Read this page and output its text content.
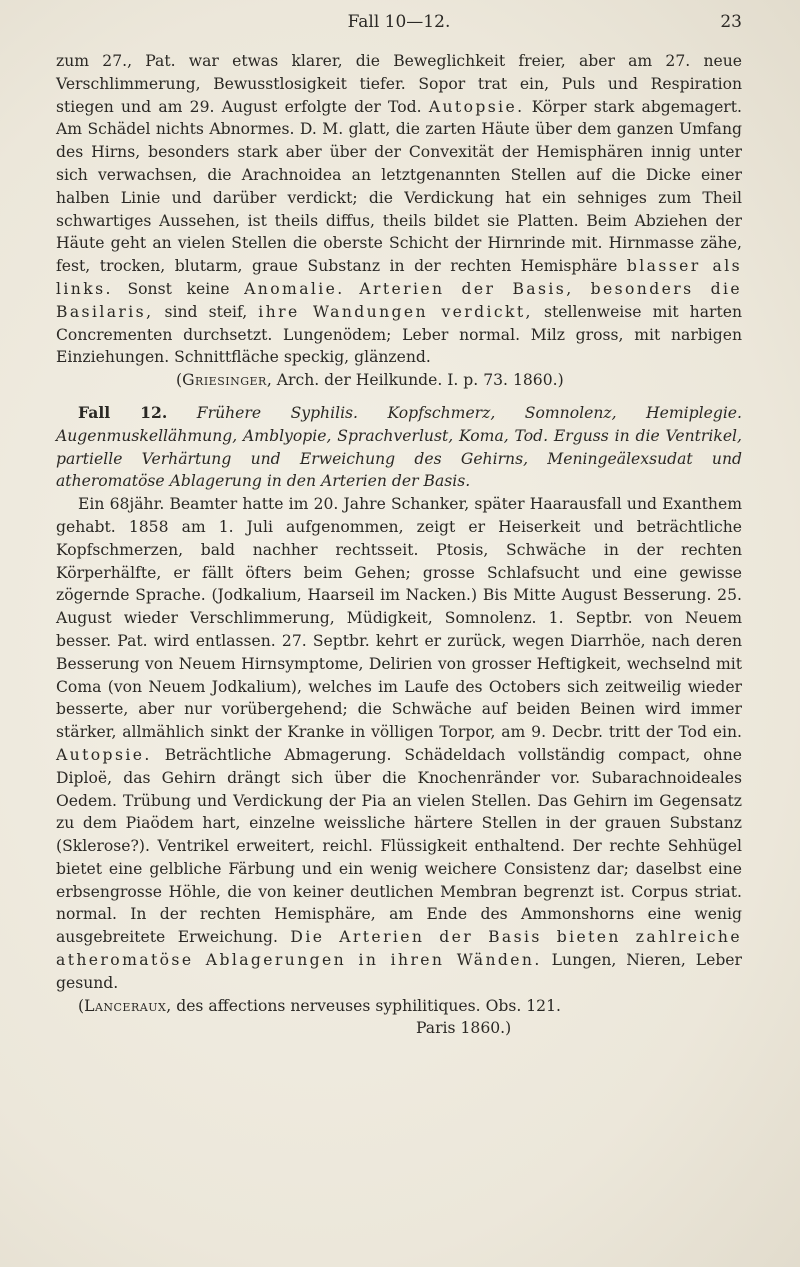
Fall 10—12.	23

zum 27., Pat. war etwas klarer, die Beweglichkeit freier, aber am 27. neue Verschlimmerung, Bewusstlosigkeit tiefer. Sopor trat ein, Puls und Respiration stiegen und am 29. August erfolgte der Tod. Autopsie. Körper stark abgemagert. Am Schädel nichts Abnormes. D. M. glatt, die zarten Häute über dem ganzen Umfang des Hirns, besonders stark aber über der Convexität der Hemisphären innig unter sich verwachsen, die Arachnoidea an letztgenannten Stellen auf die Dicke einer halben Linie und darüber verdickt; die Verdickung hat ein sehniges zum Theil schwartiges Aussehen, ist theils diffus, theils bildet sie Platten. Beim Abziehen der Häute geht an vielen Stellen die oberste Schicht der Hirnrinde mit. Hirnmasse zähe, fest, trocken, blutarm, graue Substanz in der rechten Hemisphäre blasser als links. Sonst keine Anomalie. Arterien der Basis, besonders die Basilaris, sind steif, ihre Wandungen verdickt, stellenweise mit harten Concrementen durchsetzt. Lungenödem; Leber normal. Milz gross, mit narbigen Einziehungen. Schnittfläche speckig, glänzend.

(Griesinger, Arch. der Heilkunde. I. p. 73. 1860.)

Fall 12. Frühere Syphilis. Kopfschmerz, Somnolenz, Hemiplegie. Augenmuskellähmung, Amblyopie, Sprachverlust, Koma, Tod. Erguss in die Ventrikel, partielle Verhärtung und Erweichung des Gehirns, Meningeälexsudat und atheromatöse Ablagerung in den Arterien der Basis.

Ein 68jähr. Beamter hatte im 20. Jahre Schanker, später Haarausfall und Exanthem gehabt. 1858 am 1. Juli aufgenommen, zeigt er Heiserkeit und beträchtliche Kopfschmerzen, bald nachher rechtsseit. Ptosis, Schwäche in der rechten Körperhälfte, er fällt öfters beim Gehen; grosse Schlafsucht und eine gewisse zögernde Sprache. (Jodkalium, Haarseil im Nacken.) Bis Mitte August Besserung. 25. August wieder Verschlimmerung, Müdigkeit, Somnolenz. 1. Septbr. von Neuem besser. Pat. wird entlassen. 27. Septbr. kehrt er zurück, wegen Diarrhöe, nach deren Besserung von Neuem Hirnsymptome, Delirien von grosser Heftigkeit, wechselnd mit Coma (von Neuem Jodkalium), welches im Laufe des Octobers sich zeitweilig wieder besserte, aber nur vorübergehend; die Schwäche auf beiden Beinen wird immer stärker, allmählich sinkt der Kranke in völligen Torpor, am 9. Decbr. tritt der Tod ein. Autopsie. Beträchtliche Abmagerung. Schädeldach vollständig compact, ohne Diploë, das Gehirn drängt sich über die Knochenränder vor. Subarachnoideales Oedem. Trübung und Verdickung der Pia an vielen Stellen. Das Gehirn im Gegensatz zu dem Piaödem hart, einzelne weissliche härtere Stellen in der grauen Substanz (Sklerose?). Ventrikel erweitert, reichl. Flüssigkeit enthaltend. Der rechte Sehhügel bietet eine gelbliche Färbung und ein wenig weichere Consistenz dar; daselbst eine erbsengrosse Höhle, die von keiner deutlichen Membran begrenzt ist. Corpus striat. normal. In der rechten Hemisphäre, am Ende des Ammonshorns eine wenig ausgebreitete Erweichung. Die Arterien der Basis bieten zahlreiche atheromatöse Ablagerungen in ihren Wänden. Lungen, Nieren, Leber gesund.

(Lanceraux, des affections nerveuses syphilitiques. Obs. 121.

Paris 1860.)
